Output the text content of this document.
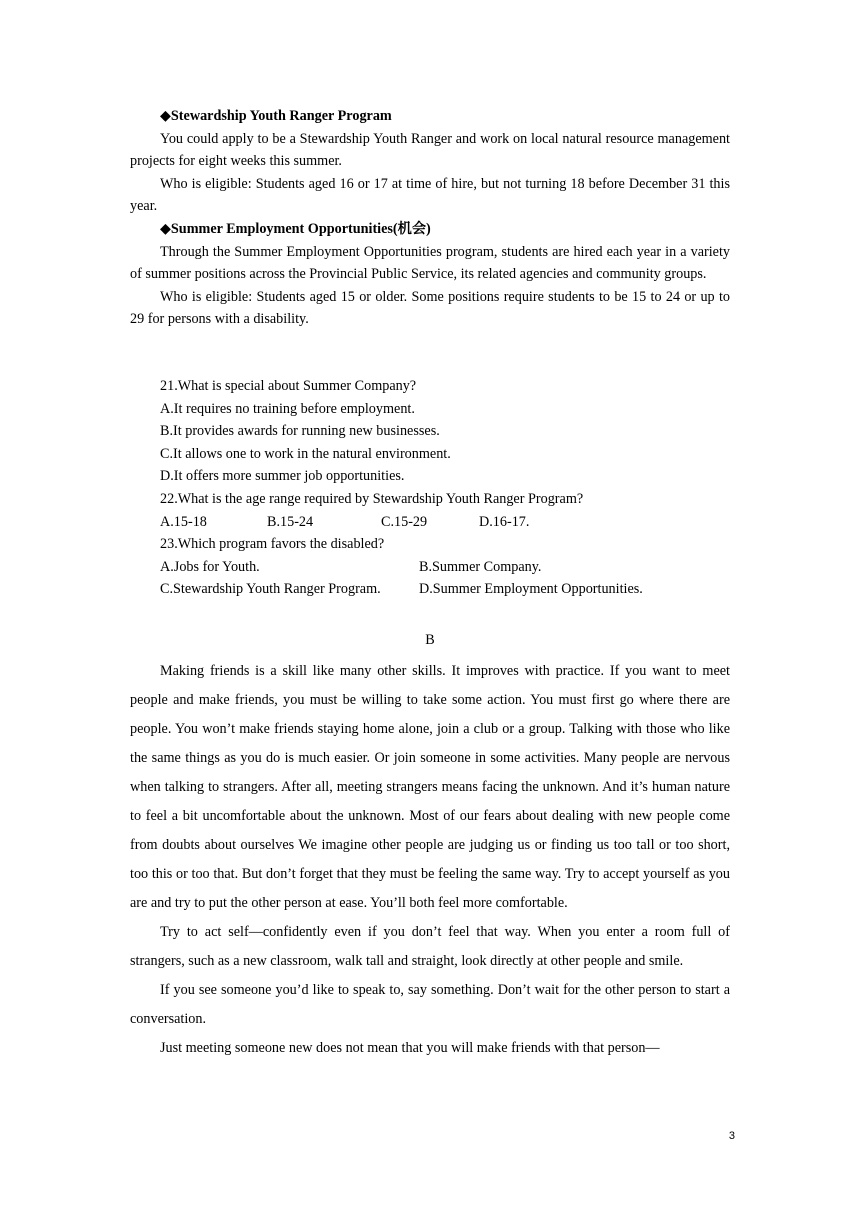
◆Stewardship Youth Ranger Program

You could apply to be a Stewardship Youth Ranger and work on local natural resource management projects for eight weeks this summer.

Who is eligible: Students aged 16 or 17 at time of hire, but not turning 18 before December 31 this year.

◆Summer Employment Opportunities(机会)

Through the Summer Employment Opportunities program, students are hired each year in a variety of summer positions across the Provincial Public Service, its related agencies and community groups.

Who is eligible: Students aged 15 or older. Some positions require students to be 15 to 24 or up to 29 for persons with a disability.

21.What is special about Summer Company?

A.It requires no training before employment.

B.It provides awards for running new businesses.

C.It allows one to work in the natural environment.

D.It offers more summer job opportunities.

22.What is the age range required by Stewardship Youth Ranger Program?

A.15-18	B.15-24	C.15-29	D.16-17.

23.Which program favors the disabled?

A.Jobs for Youth.	B.Summer Company.

C.Stewardship Youth Ranger Program.	D.Summer Employment Opportunities.

B

Making friends is a skill like many other skills. It improves with practice. If you want to meet people and make friends, you must be willing to take some action. You must first go where there are people. You won’t make friends staying home alone, join a club or a group. Talking with those who like the same things as you do is much easier. Or join someone in some activities. Many people are nervous when talking to strangers. After all, meeting strangers means facing the unknown. And it’s human nature to feel a bit uncomfortable about the unknown. Most of our fears about dealing with new people come from doubts about ourselves We imagine other people are judging us or finding us too tall or too short, too this or too that. But don’t forget that they must be feeling the same way. Try to accept yourself as you are and try to put the other person at ease. You’ll both feel more comfortable.

Try to act self—confidently even if you don’t feel that way. When you enter a room full of strangers, such as a new classroom, walk tall and straight, look directly at other people and smile.

If you see someone you’d like to speak to, say something. Don’t wait for the other person to start a conversation.

Just meeting someone new does not mean that you will make friends with that person—

3
